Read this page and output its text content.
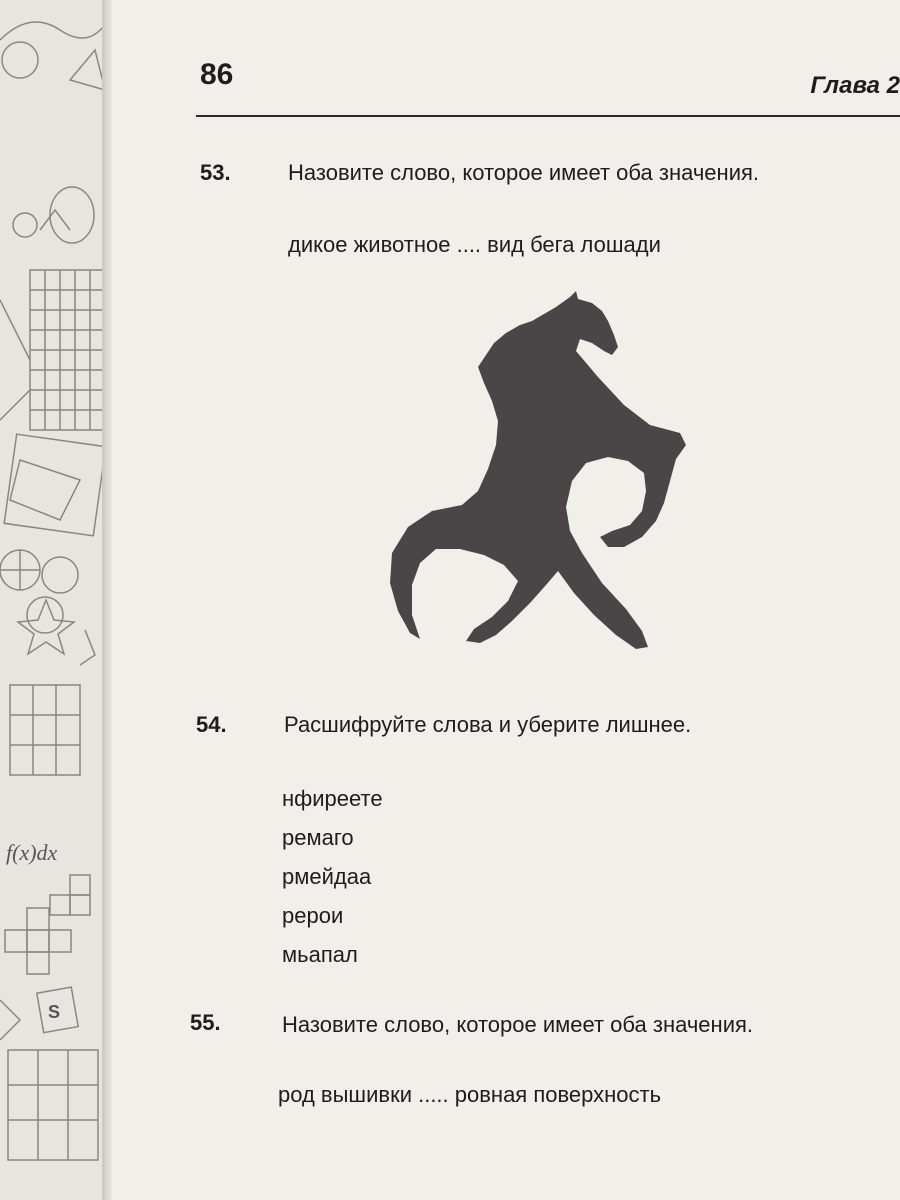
f(x)dx
S
86	Глава 2
53.	Назовите слово, которое имеет оба значения.
дикое животное .... вид бега лошади
54.	Расшифруйте слова и уберите лишнее.
нфиреете
ремаго
рмейдаа
рерои
мьапал
55.	Назовите слово, которое имеет оба значения.
род вышивки ..... ровная поверхность
